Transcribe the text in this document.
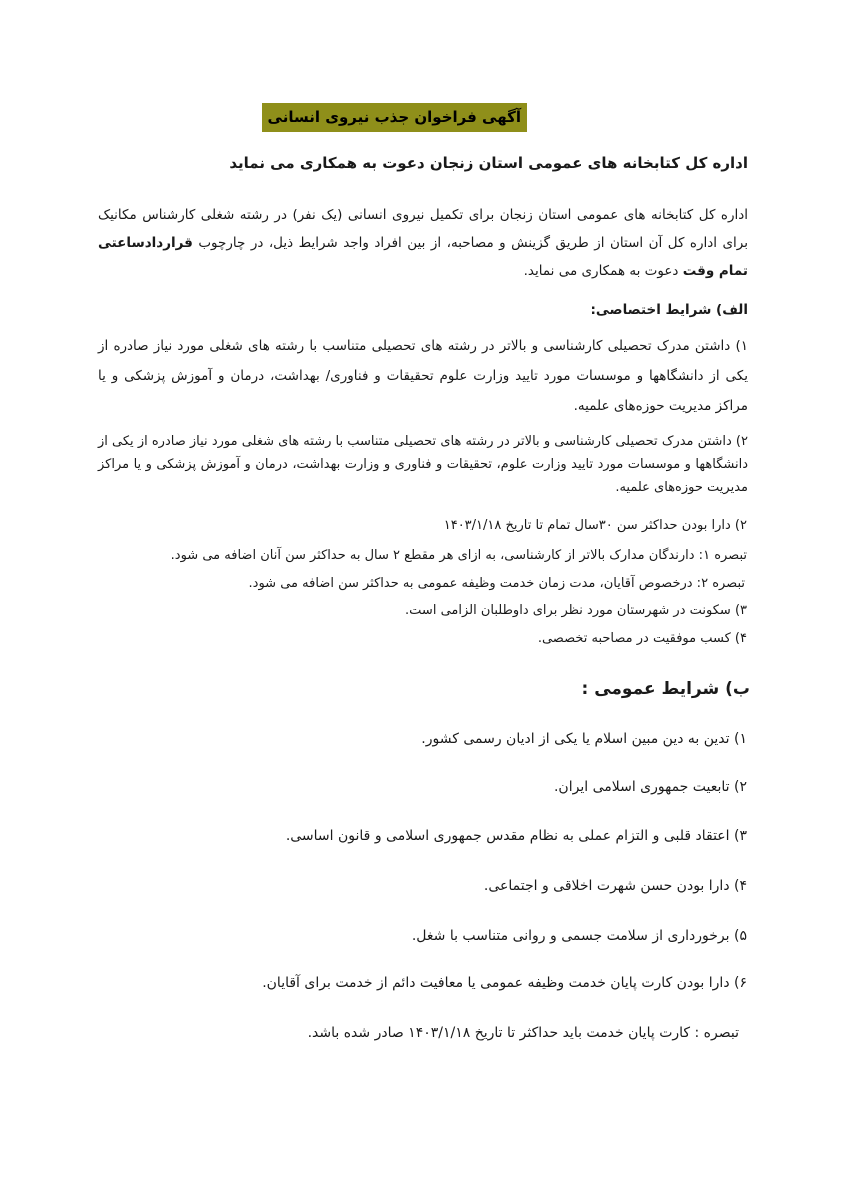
آگهی فراخوان جذب نیروی انسانی
اداره کل کتابخانه های عمومی استان زنجان دعوت به همکاری می نماید
اداره کل کتابخانه های عمومی استان زنجان برای تکمیل نیروی انسانی (یک نفر) در رشته شغلی کارشناس مکانیک برای اداره کل آن استان از طریق گزینش و مصاحبه، از بین افراد واجد شرایط ذیل، در چارچوب قراردادساعتی تمام وقت دعوت به همکاری می نماید.
الف) شرایط اختصاصی:
۱) داشتن مدرک تحصیلی کارشناسی و بالاتر در رشته های تحصیلی متناسب با رشته های شغلی مورد نیاز صادره از یکی از دانشگاهها و موسسات مورد تایید وزارت علوم تحقیقات و فناوری/ بهداشت، درمان و آموزش پزشکی و یا مراکز مدیریت حوزه‌های علمیه.
۲) داشتن مدرک تحصیلی کارشناسی و بالاتر در رشته های تحصیلی متناسب با رشته های شغلی مورد نیاز صادره از یکی از دانشگاهها و موسسات مورد تایید وزارت علوم، تحقیقات و فناوری و وزارت بهداشت، درمان و آموزش پزشکی و یا مراکز مدیریت حوزه‌های علمیه.
۲) دارا بودن حداکثر سن ۳۰سال تمام تا تاریخ ۱۴۰۳/۱/۱۸
تبصره ۱: دارندگان مدارک بالاتر از کارشناسی، به ازای هر مقطع ۲ سال به حداکثر سن آنان اضافه می شود.
تبصره ۲: درخصوص آقایان، مدت زمان خدمت وظیفه عمومی به حداکثر سن اضافه می شود.
۳) سکونت در شهرستان مورد نظر برای داوطلبان الزامی است.
۴) کسب موفقیت در مصاحبه تخصصی.
ب) شرایط عمومی :
۱) تدین به دین مبین اسلام یا یکی از ادیان رسمی کشور.
۲) تابعیت جمهوری اسلامی ایران.
۳) اعتقاد قلبی و التزام عملی به نظام مقدس جمهوری اسلامی و قانون اساسی.
۴) دارا بودن حسن شهرت اخلاقی و اجتماعی.
۵) برخورداری از سلامت جسمی و روانی متناسب با شغل.
۶) دارا بودن کارت پایان خدمت وظیفه عمومی یا معافیت دائم از خدمت برای آقایان.
تبصره : کارت پایان خدمت باید حداکثر تا تاریخ ۱۴۰۳/۱/۱۸ صادر شده باشد.
